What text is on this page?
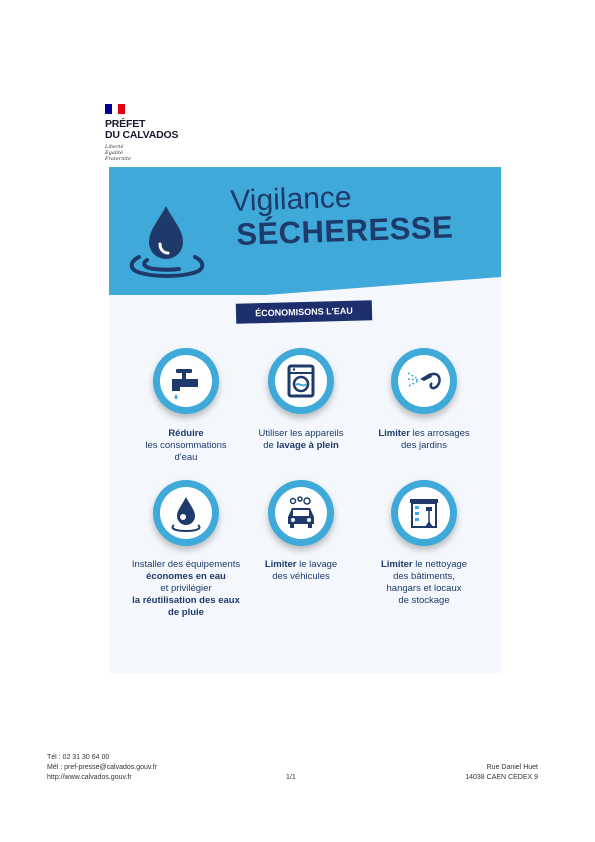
PRÉFET
DU CALVADOS
Liberté
Égalité
Fraternité
Vigilance
SÉCHERESSE
ÉCONOMISONS L'EAU
Réduire
les consommations
d'eau
Utiliser les appareils
de lavage à plein
Limiter les arrosages
des jardins
Installer des équipements
économes en eau
et privilégier
la réutilisation des eaux
de pluie
Limiter le lavage
des véhicules
Limiter le nettoyage
des bâtiments,
hangars et locaux
de stockage
Tél : 02 31 30 64 00
Mél : pref-presse@calvados.gouv.fr
http://www.calvados.gouv.fr	1/1
Rue Daniel Huet
14038 CAEN CEDEX 9
